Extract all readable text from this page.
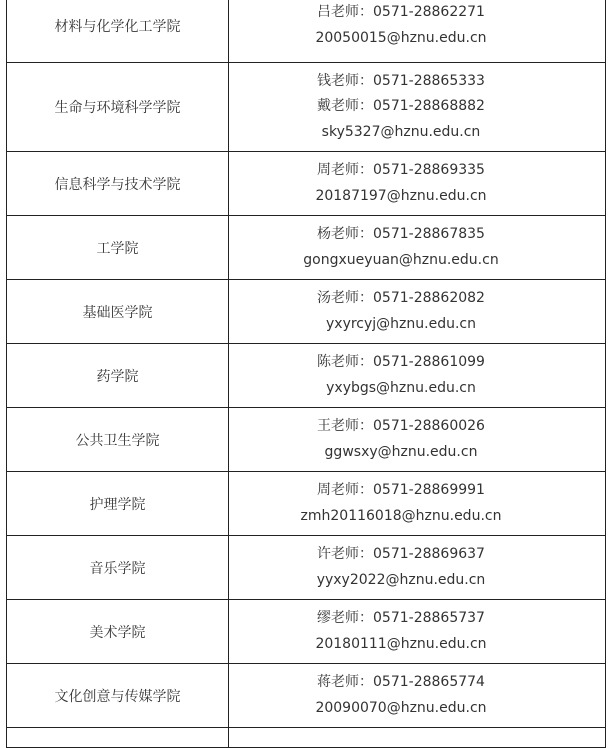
材料与化学化工学院	吕老师：0571-28862271
20050015@hznu.edu.cn

生命与环境科学学院	钱老师：0571-28865333
戴老师：0571-28868882
sky5327@hznu.edu.cn

信息科学与技术学院	周老师：0571-28869335
20187197@hznu.edu.cn

工学院	杨老师：0571-28867835
gongxueyuan@hznu.edu.cn

基础医学院	汤老师：0571-28862082
yxyrcyj@hznu.edu.cn

药学院	陈老师：0571-28861099
yxybgs@hznu.edu.cn

公共卫生学院	王老师：0571-28860026
ggwsxy@hznu.edu.cn

护理学院	周老师：0571-28869991
zmh20116018@hznu.edu.cn

音乐学院	许老师：0571-28869637
yyxy2022@hznu.edu.cn

美术学院	缪老师：0571-28865737
20180111@hznu.edu.cn

文化创意与传媒学院	蒋老师：0571-28865774
20090070@hznu.edu.cn
